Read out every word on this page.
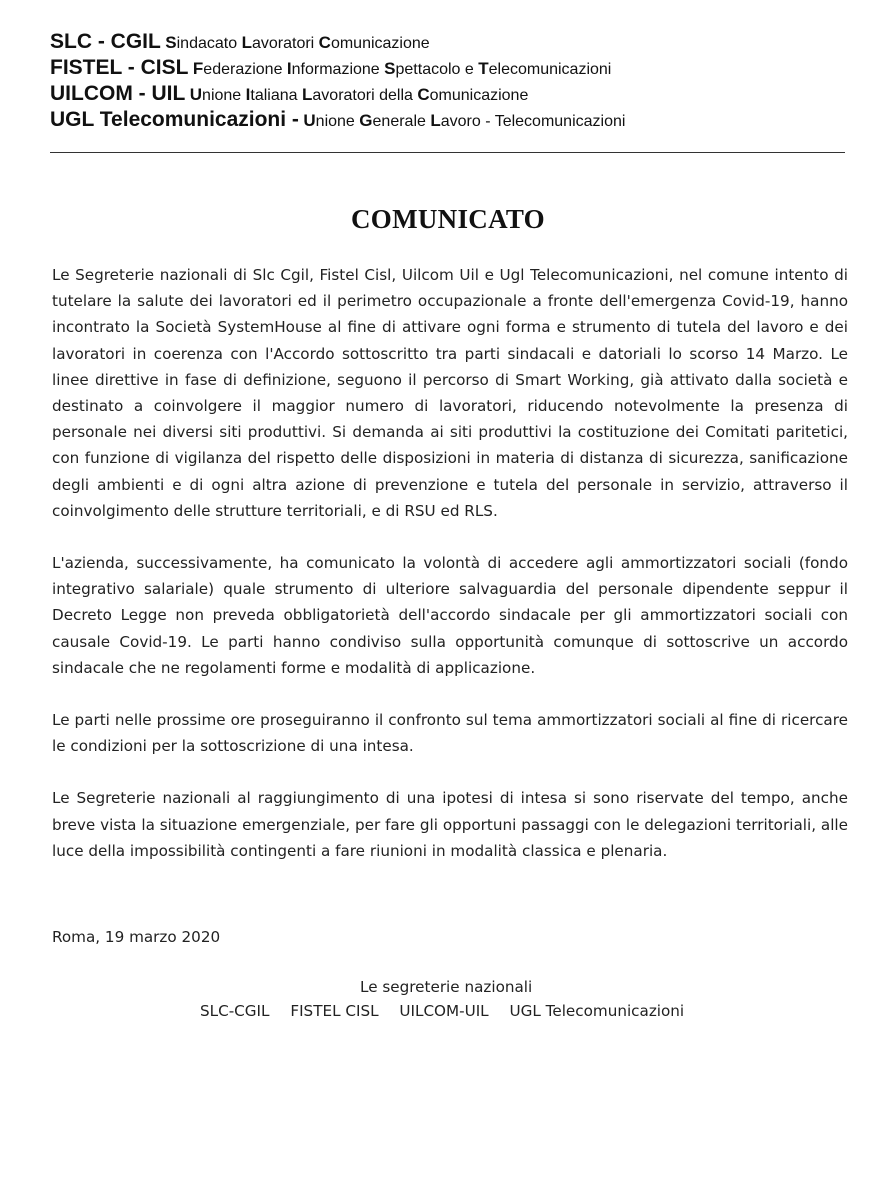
SLC - CGIL Sindacato Lavoratori Comunicazione
FISTEL - CISL Federazione Informazione Spettacolo e Telecomunicazioni
UILCOM - UIL Unione Italiana Lavoratori della Comunicazione
UGL Telecomunicazioni - Unione Generale Lavoro - Telecomunicazioni
COMUNICATO

Le Segreterie nazionali di Slc Cgil, Fistel Cisl, Uilcom Uil e Ugl Telecomunicazioni, nel comune intento di tutelare la salute dei lavoratori ed il perimetro occupazionale a fronte dell'emergenza Covid-19, hanno incontrato la Società SystemHouse al fine di attivare ogni forma e strumento di tutela del lavoro e dei lavoratori in coerenza con l'Accordo sottoscritto tra parti sindacali e datoriali lo scorso 14 Marzo. Le linee direttive in fase di definizione, seguono il percorso di Smart Working, già attivato dalla società e destinato a coinvolgere il maggior numero di lavoratori, riducendo notevolmente la presenza di personale nei diversi siti produttivi. Si demanda ai siti produttivi la costituzione dei Comitati paritetici, con funzione di vigilanza del rispetto delle disposizioni in materia di distanza di sicurezza, sanificazione degli ambienti e di ogni altra azione di prevenzione e tutela del personale in servizio, attraverso il coinvolgimento delle strutture territoriali, e di RSU ed RLS.

L'azienda, successivamente, ha comunicato la volontà di accedere agli ammortizzatori sociali (fondo integrativo salariale) quale strumento di ulteriore salvaguardia del personale dipendente seppur il Decreto Legge non preveda obbligatorietà dell'accordo sindacale per gli ammortizzatori sociali con causale Covid-19. Le parti hanno condiviso sulla opportunità comunque di sottoscrive un accordo sindacale che ne regolamenti forme e modalità di applicazione.

Le parti nelle prossime ore proseguiranno il confronto sul tema ammortizzatori sociali al fine di ricercare le condizioni per la sottoscrizione di una intesa.

Le Segreterie nazionali al raggiungimento di una ipotesi di intesa si sono riservate del tempo, anche breve vista la situazione emergenziale, per fare gli opportuni passaggi con le delegazioni territoriali, alle luce della impossibilità contingenti a fare riunioni in modalità classica e plenaria.

Roma, 19 marzo 2020
Le segreterie nazionali
SLC-CGIL FISTEL CISL UILCOM-UIL UGL Telecomunicazioni
